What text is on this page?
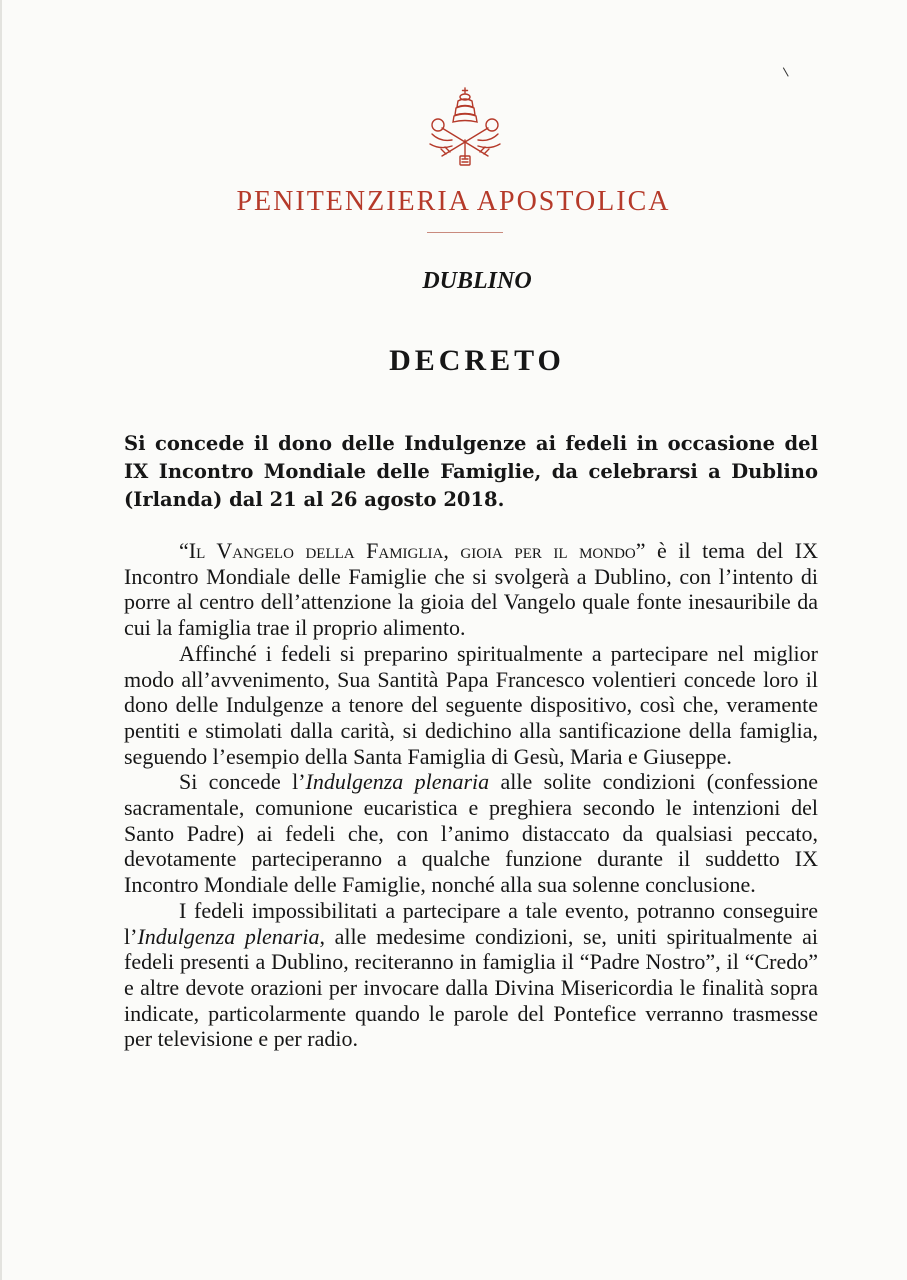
PENITENZIERIA APOSTOLICA
DUBLINO
DECRETO
Si concede il dono delle Indulgenze ai fedeli in occasione del IX Incontro Mondiale delle Famiglie, da celebrarsi a Dublino (Irlanda) dal 21 al 26 agosto 2018.

“Il Vangelo della Famiglia, gioia per il mondo” è il tema del IX Incontro Mondiale delle Famiglie che si svolgerà a Dublino, con l’intento di porre al centro dell’attenzione la gioia del Vangelo quale fonte inesauribile da cui la famiglia trae il proprio alimento.

Affinché i fedeli si preparino spiritualmente a partecipare nel miglior modo all’avvenimento, Sua Santità Papa Francesco volentieri concede loro il dono delle Indulgenze a tenore del seguente dispositivo, così che, veramente pentiti e stimolati dalla carità, si dedichino alla santificazione della famiglia, seguendo l’esempio della Santa Famiglia di Gesù, Maria e Giuseppe.

Si concede l’Indulgenza plenaria alle solite condizioni (confessione sacramentale, comunione eucaristica e preghiera secondo le intenzioni del Santo Padre) ai fedeli che, con l’animo distaccato da qualsiasi peccato, devotamente parteciperanno a qualche funzione durante il suddetto IX Incontro Mondiale delle Famiglie, nonché alla sua solenne conclusione.

I fedeli impossibilitati a partecipare a tale evento, potranno conseguire l’Indulgenza plenaria, alle medesime condizioni, se, uniti spiritualmente ai fedeli presenti a Dublino, reciteranno in famiglia il “Padre Nostro”, il “Credo” e altre devote orazioni per invocare dalla Divina Misericordia le finalità sopra indicate, particolarmente quando le parole del Pontefice verranno trasmesse per televisione e per radio.
